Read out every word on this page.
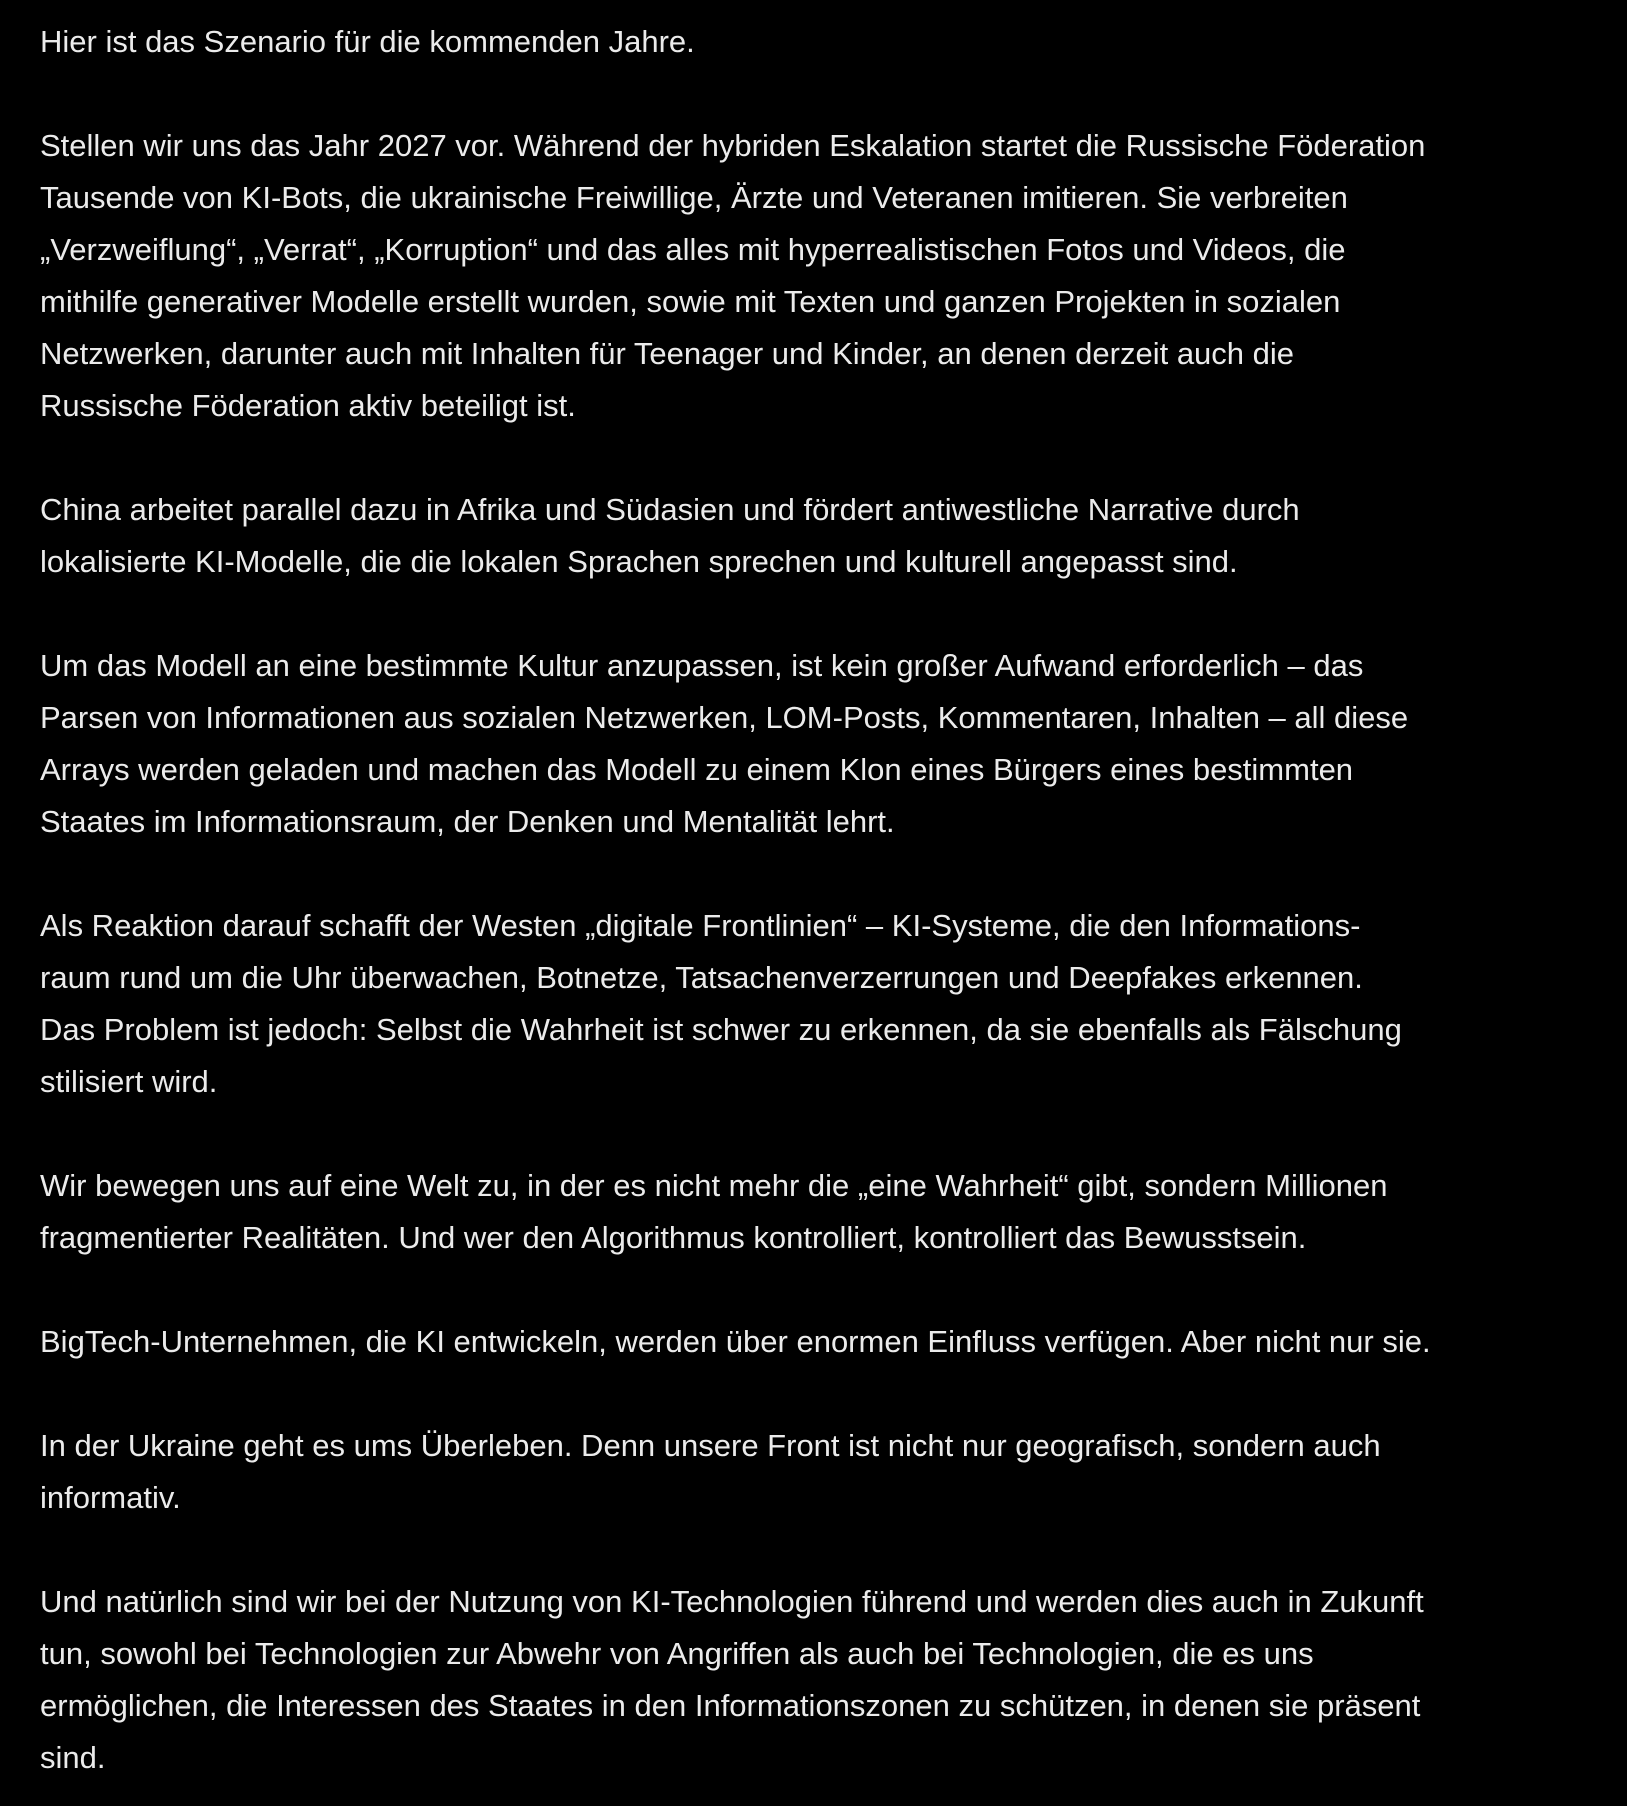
Hier ist das Szenario für die kommenden Jahre.

Stellen wir uns das Jahr 2027 vor. Während der hybriden Eskalation startet die Russische Föderation
Tausende von KI-Bots, die ukrainische Freiwillige, Ärzte und Veteranen imitieren. Sie verbreiten
„Verzweiflung“, „Verrat“, „Korruption“ und das alles mit hyperrealistischen Fotos und Videos, die
mithilfe generativer Modelle erstellt wurden, sowie mit Texten und ganzen Projekten in sozialen
Netzwerken, darunter auch mit Inhalten für Teenager und Kinder, an denen derzeit auch die
Russische Föderation aktiv beteiligt ist.

China arbeitet parallel dazu in Afrika und Südasien und fördert antiwestliche Narrative durch
lokalisierte KI-Modelle, die die lokalen Sprachen sprechen und kulturell angepasst sind.

Um das Modell an eine bestimmte Kultur anzupassen, ist kein großer Aufwand erforderlich – das
Parsen von Informationen aus sozialen Netzwerken, LOM-Posts, Kommentaren, Inhalten – all diese
Arrays werden geladen und machen das Modell zu einem Klon eines Bürgers eines bestimmten
Staates im Informationsraum, der Denken und Mentalität lehrt.

Als Reaktion darauf schafft der Westen „digitale Frontlinien“ – KI-Systeme, die den Informations-
raum rund um die Uhr überwachen, Botnetze, Tatsachenverzerrungen und Deepfakes erkennen.
Das Problem ist jedoch: Selbst die Wahrheit ist schwer zu erkennen, da sie ebenfalls als Fälschung
stilisiert wird.

Wir bewegen uns auf eine Welt zu, in der es nicht mehr die „eine Wahrheit“ gibt, sondern Millionen
fragmentierter Realitäten. Und wer den Algorithmus kontrolliert, kontrolliert das Bewusstsein.

BigTech-Unternehmen, die KI entwickeln, werden über enormen Einfluss verfügen. Aber nicht nur sie.

In der Ukraine geht es ums Überleben. Denn unsere Front ist nicht nur geografisch, sondern auch
informativ.

Und natürlich sind wir bei der Nutzung von KI-Technologien führend und werden dies auch in Zukunft
tun, sowohl bei Technologien zur Abwehr von Angriffen als auch bei Technologien, die es uns
ermöglichen, die Interessen des Staates in den Informationszonen zu schützen, in denen sie präsent
sind.
